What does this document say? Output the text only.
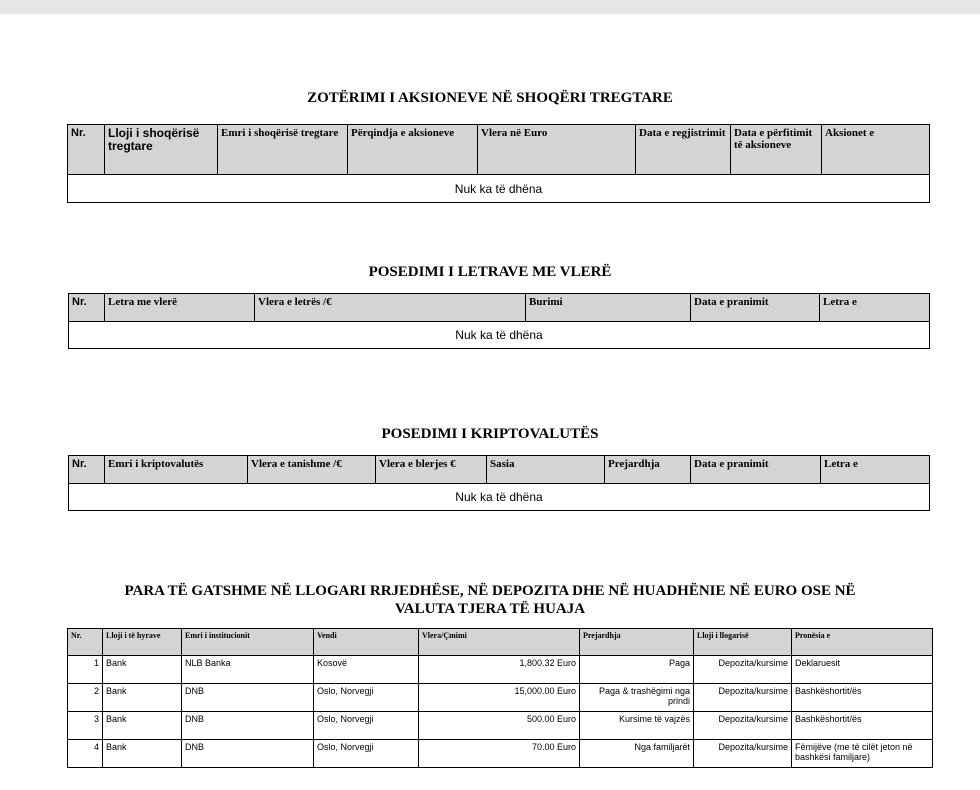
ZOTËRIMI I AKSIONEVE NË SHOQËRI TREGTARE
Nr.	Lloji i shoqërisë tregtare	Emri i shoqërisë tregtare	Përqindja e aksioneve	Vlera në Euro	Data e regjistrimit	Data e përfitimit të aksioneve	Aksionet e
Nuk ka të dhëna
POSEDIMI I LETRAVE ME VLERË
Nr.	Letra me vlerë	Vlera e letrës /€	Burimi	Data e pranimit	Letra e
Nuk ka të dhëna
POSEDIMI I KRIPTOVALUTËS
Nr.	Emri i kriptovalutës	Vlera e tanishme /€	Vlera e blerjes €	Sasia	Prejardhja	Data e pranimit	Letra e
Nuk ka të dhëna
PARA TË GATSHME NË LLOGARI RRJEDHËSE, NË DEPOZITA DHE NË HUADHËNIE NË EURO OSE NË
VALUTA TJERA TË HUAJA
Nr.	Lloji i të hyrave	Emri i institucionit	Vendi	Vlera/Çmimi	Prejardhja	Lloji i llogarisë	Pronësia e
1	Bank	NLB Banka	Kosovë	1,800.32 Euro	Paga	Depozita/kursime	Deklaruesit
2	Bank	DNB	Oslo, Norvegji	15,000.00 Euro	Paga & trashëgimi nga prindi	Depozita/kursime	Bashkëshortit/ës
3	Bank	DNB	Oslo, Norvegji	500.00 Euro	Kursime të vajzës	Depozita/kursime	Bashkëshortit/ës
4	Bank	DNB	Oslo, Norvegji	70.00 Euro	Nga familjarët	Depozita/kursime	Fëmijëve (me të cilët jeton në bashkësi familjare)
